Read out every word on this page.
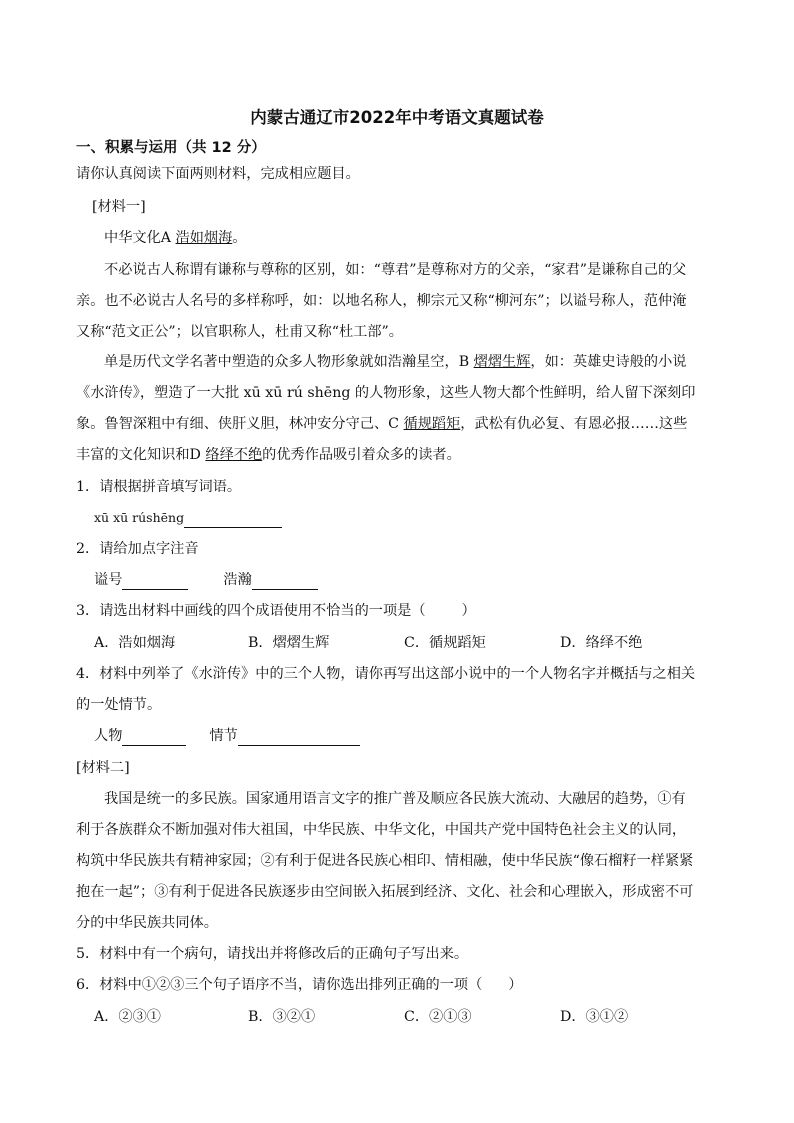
内蒙古通辽市2022年中考语文真题试卷
一、积累与运用（共 12 分）
请你认真阅读下面两则材料，完成相应题目。
[材料一]
中华文化A 浩如烟海。
不必说古人称谓有谦称与尊称的区别，如：“尊君”是尊称对方的父亲，“家君”是谦称自己的父
亲。也不必说古人名号的多样称呼，如：以地名称人，柳宗元又称“柳河东”；以谥号称人，范仲淹
又称“范文正公”；以官职称人，杜甫又称“杜工部”。
单是历代文学名著中塑造的众多人物形象就如浩瀚星空，B 熠熠生辉，如：英雄史诗般的小说
《水浒传》，塑造了一大批 xū xū rú shēng 的人物形象，这些人物大都个性鲜明，给人留下深刻印
象。鲁智深粗中有细、侠肝义胆，林冲安分守己、C 循规蹈矩，武松有仇必复、有恩必报……这些
丰富的文化知识和D 络绎不绝的优秀作品吸引着众多的读者。
1．请根据拼音填写词语。
xū xū rúshēng
2．请给加点字注音
谥号	浩瀚
3．请选出材料中画线的四个成语使用不恰当的一项是（	）
A．浩如烟海	B．熠熠生辉	C．循规蹈矩	D．络绎不绝
4．材料中列举了《水浒传》中的三个人物，请你再写出这部小说中的一个人物名字并概括与之相关
的一处情节。
人物	情节
[材料二]
我国是统一的多民族。国家通用语言文字的推广普及顺应各民族大流动、大融居的趋势，①有
利于各族群众不断加强对伟大祖国，中华民族、中华文化，中国共产党中国特色社会主义的认同，
构筑中华民族共有精神家园；②有利于促进各民族心相印、情相融，使中华民族“像石榴籽一样紧紧
抱在一起”；③有利于促进各民族逐步由空间嵌入拓展到经济、文化、社会和心理嵌入，形成密不可
分的中华民族共同体。
5．材料中有一个病句，请找出并将修改后的正确句子写出来。
6．材料中①②③三个句子语序不当，请你选出排列正确的一项（ ）
A．②③①	B．③②①	C．②①③	D．③①②
